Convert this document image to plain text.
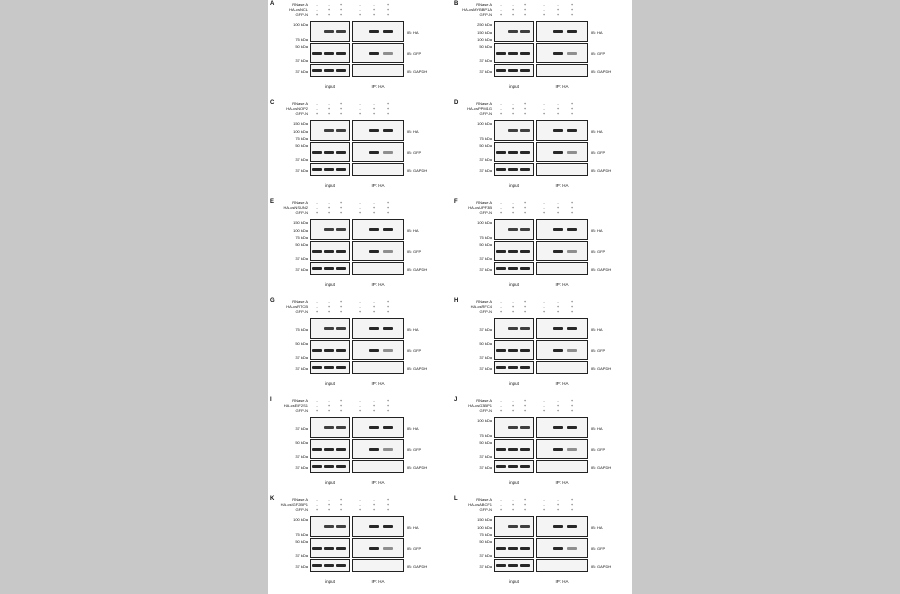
A	RNase A	-	-	+	-	-	+
HA-csNCL	-	+	+	-	+	+
GFP-N	+	+	+	+	+	+
IB: HA
100 kDa
75 kDa
IB: GFP
50 kDa
37 kDa
IB: GAPDH
37 kDa
input	IP: HA
B	RNase A	-	-	+	-	-	+
HA-csMYBBP1A	-	+	+	-	+	+
GFP-N	+	+	+	+	+	+
IB: HA
250 kDa
150 kDa
100 kDa
IB: GFP
50 kDa
37 kDa
IB: GAPDH
37 kDa
input	IP: HA
C	RNase A	-	-	+	-	-	+
HA-csNOP2	-	+	+	-	+	+
GFP-N	+	+	+	+	+	+
IB: HA
150 kDa
100 kDa
75 kDa
IB: GFP
50 kDa
37 kDa
IB: GAPDH
37 kDa
input	IP: HA
D	RNase A	-	-	+	-	-	+
HA-csPPM1G	-	+	+	-	+	+
GFP-N	+	+	+	+	+	+
IB: HA
100 kDa
75 kDa
IB: GFP
50 kDa
37 kDa
IB: GAPDH
37 kDa
input	IP: HA
E	RNase A	-	-	+	-	-	+
HA-csNSUN2	-	+	+	-	+	+
GFP-N	+	+	+	+	+	+
IB: HA
150 kDa
100 kDa
75 kDa
IB: GFP
50 kDa
37 kDa
IB: GAPDH
37 kDa
input	IP: HA
F	RNase A	-	-	+	-	-	+
HA-csUPF3B	-	+	+	-	+	+
GFP-N	+	+	+	+	+	+
IB: HA
100 kDa
75 kDa
IB: GFP
50 kDa
37 kDa
IB: GAPDH
37 kDa
input	IP: HA
G	RNase A	-	-	+	-	-	+
HA-csRTCB	-	+	+	-	+	+
GFP-N	+	+	+	+	+	+
IB: HA
75 kDa
IB: GFP
50 kDa
37 kDa
IB: GAPDH
37 kDa
input	IP: HA
H	RNase A	-	-	+	-	-	+
HA-csRFC4	-	+	+	-	+	+
GFP-N	+	+	+	+	+	+
IB: HA
37 kDa
IB: GFP
50 kDa
37 kDa
IB: GAPDH
37 kDa
input	IP: HA
I	RNase A	-	-	+	-	-	+
HA-csEIF2S1	-	+	+	-	+	+
GFP-N	+	+	+	+	+	+
IB: HA
37 kDa
IB: GFP
50 kDa
37 kDa
IB: GAPDH
37 kDa
input	IP: HA
J	RNase A	-	-	+	-	-	+
HA-csG3BP1	-	+	+	-	+	+
GFP-N	+	+	+	+	+	+
IB: HA
100 kDa
75 kDa
IB: GFP
50 kDa
37 kDa
IB: GAPDH
37 kDa
input	IP: HA
K	RNase A	-	-	+	-	-	+
HA-csIGF2BP1	-	+	+	-	+	+
GFP-N	+	+	+	+	+	+
IB: HA
100 kDa
75 kDa
IB: GFP
50 kDa
37 kDa
IB: GAPDH
37 kDa
input	IP: HA
L	RNase A	-	-	+	-	-	+
HA-csABCF1	-	+	+	-	+	+
GFP-N	+	+	+	+	+	+
IB: HA
150 kDa
100 kDa
75 kDa
IB: GFP
50 kDa
37 kDa
IB: GAPDH
37 kDa
input	IP: HA
